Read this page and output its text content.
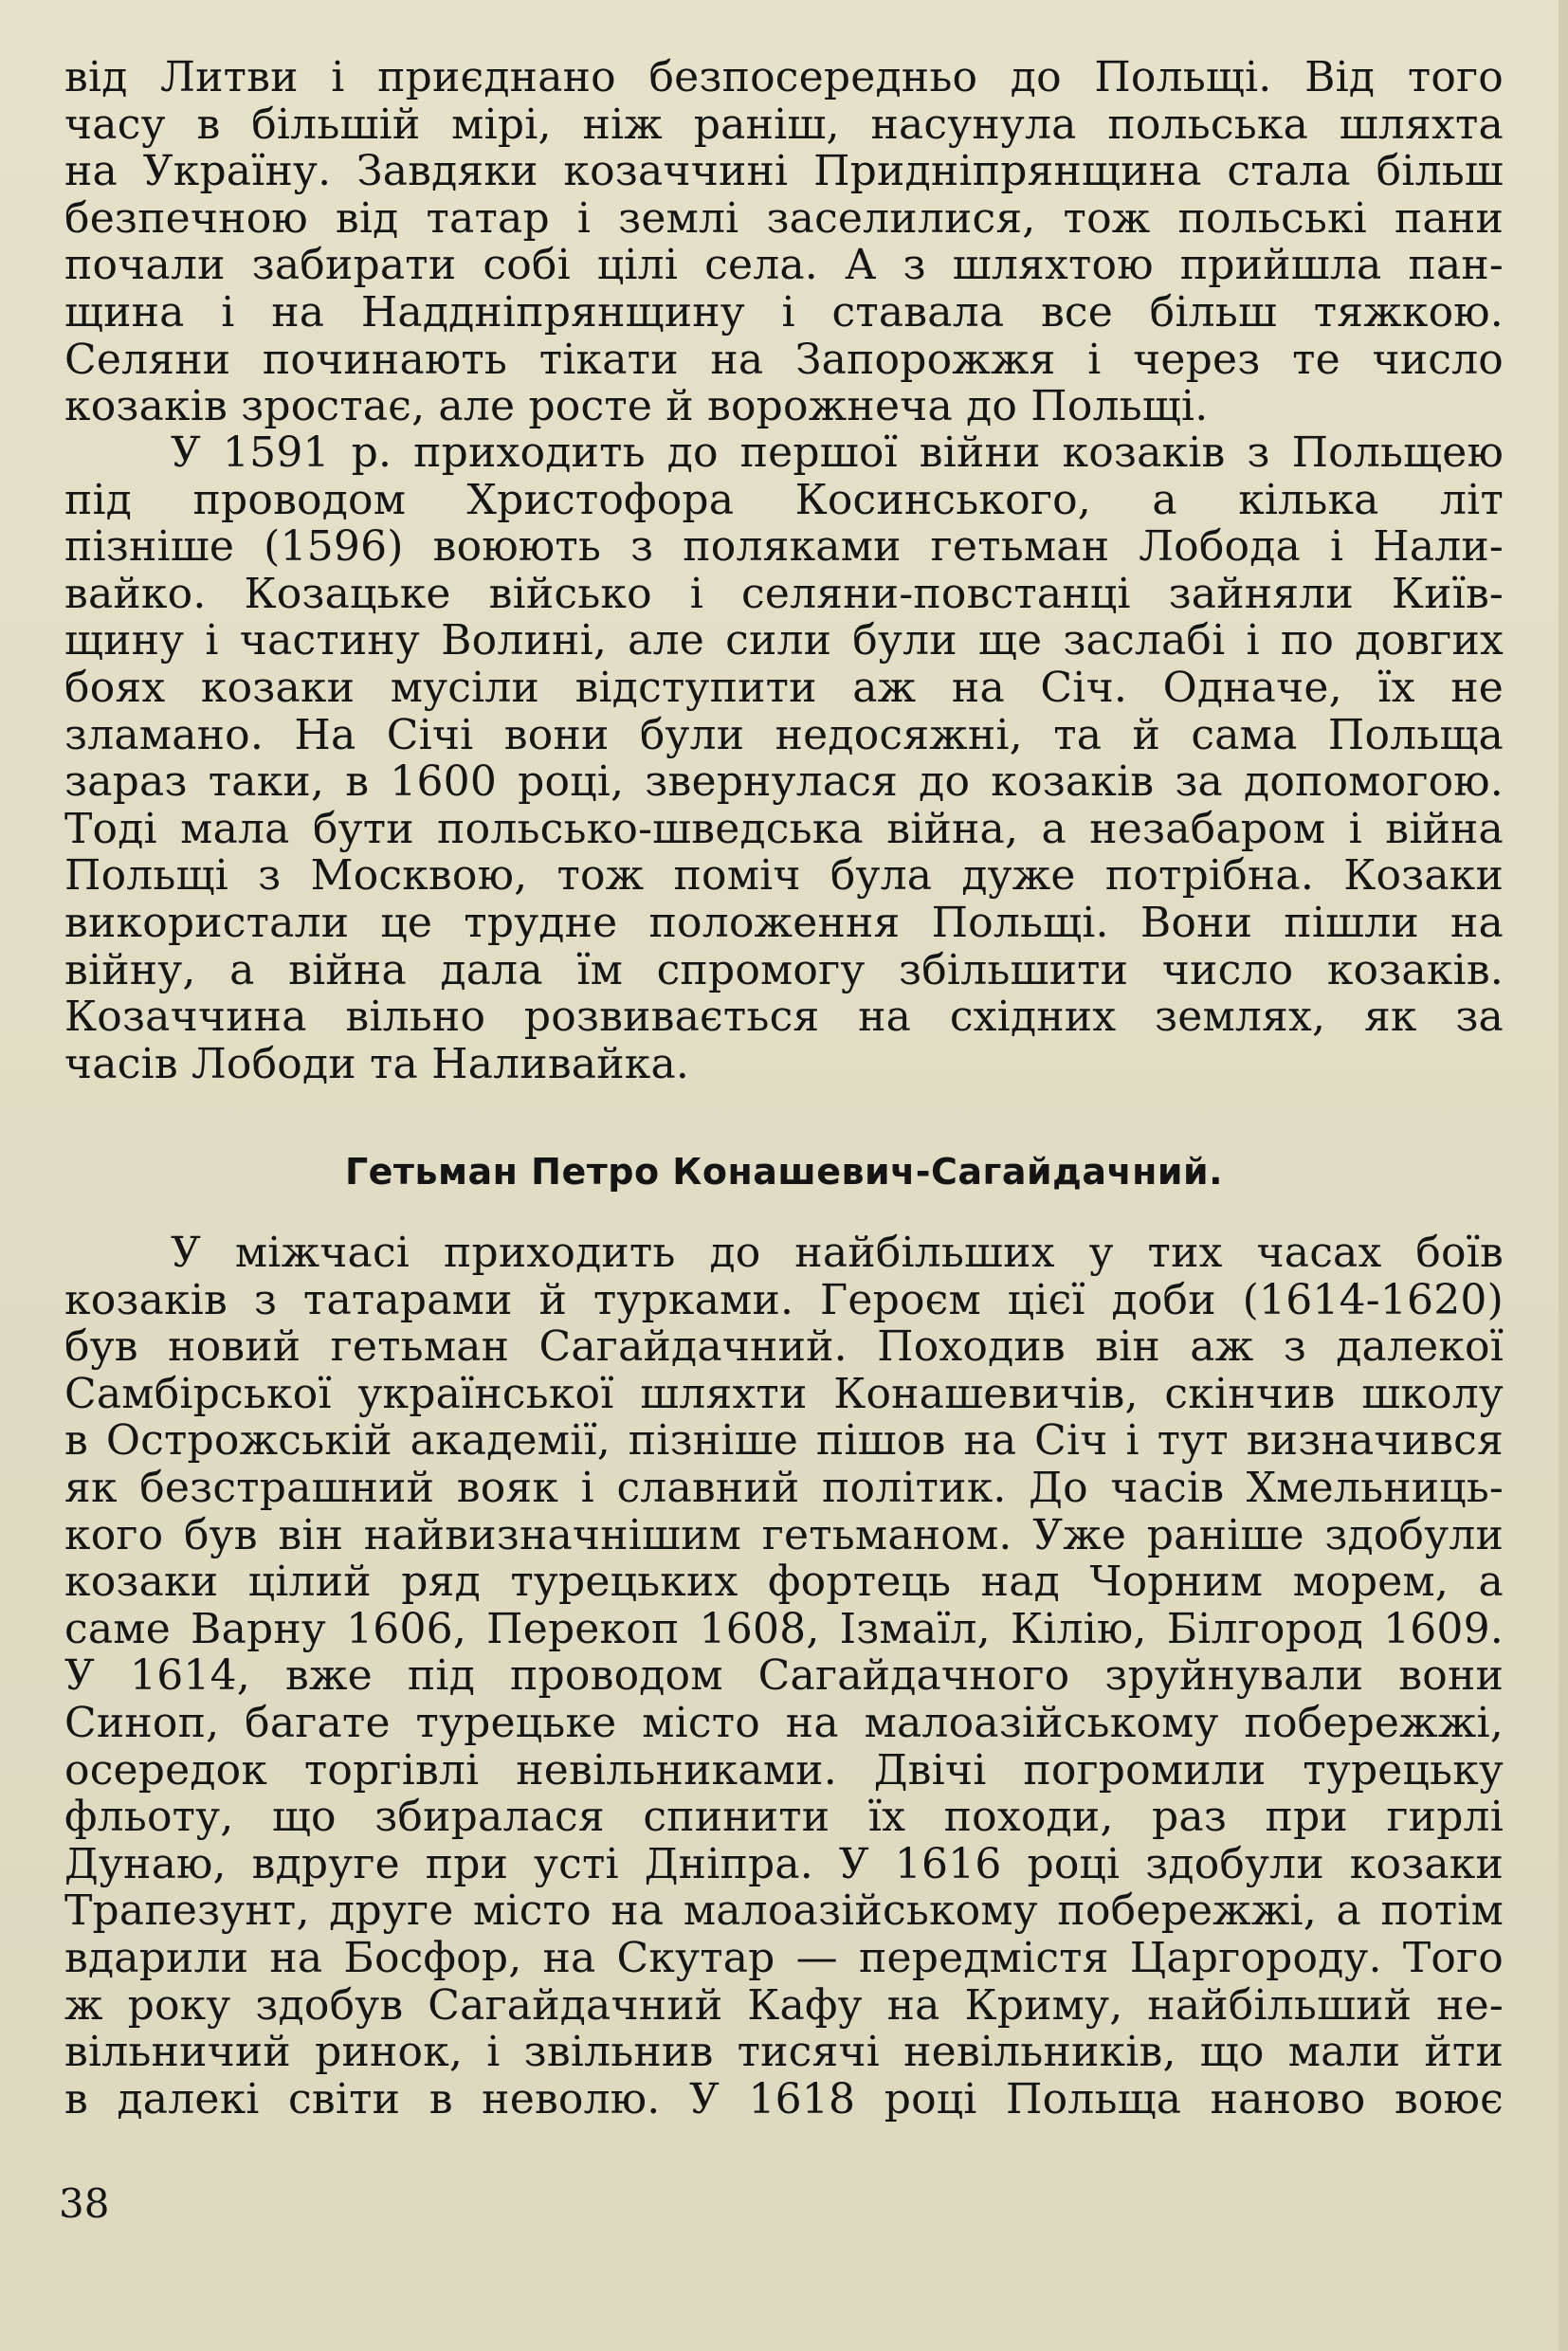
від Литви і приєднано безпосередньо до Польщі. Від того
часу в більшій мірі, ніж раніш, насунула польська шляхта
на Україну. Завдяки козаччині Придніпрянщина стала більш
безпечною від татар і землі заселилися, тож польські пани
почали забирати собі цілі села. А з шляхтою прийшла пан-
щина і на Наддніпрянщину і ставала все більш тяжкою.
Селяни починають тікати на Запорожжя і через те число
козаків зростає, але росте й ворожнеча до Польщі.
У 1591 р. приходить до першої війни козаків з Польщею
під проводом Христофора Косинського, а кілька літ
пізніше (1596) воюють з поляками гетьман Лобода і Нали-
вайко. Козацьке військо і селяни-повстанці зайняли Київ-
щину і частину Волині, але сили були ще заслабі і по довгих
боях козаки мусіли відступити аж на Січ. Одначе, їх не
зламано. На Січі вони були недосяжні, та й сама Польща
зараз таки, в 1600 році, звернулася до козаків за допомогою.
Тоді мала бути польсько-шведська війна, а незабаром і війна
Польщі з Москвою, тож поміч була дуже потрібна. Козаки
використали це трудне положення Польщі. Вони пішли на
війну, а війна дала їм спромогу збільшити число козаків.
Козаччина вільно розвивається на східних землях, як за
часів Лободи та Наливайка.
Гетьман Петро Конашевич-Сагайдачний.
У міжчасі приходить до найбільших у тих часах боїв
козаків з татарами й турками. Героєм цієї доби (1614-1620)
був новий гетьман Сагайдачний. Походив він аж з далекої
Самбірської української шляхти Конашевичів, скінчив школу
в Острожській академії, пізніше пішов на Січ і тут визначився
як безстрашний вояк і славний політик. До часів Хмельниць-
кого був він найвизначнішим гетьманом. Уже раніше здобули
козаки цілий ряд турецьких фортець над Чорним морем, а
саме Варну 1606, Перекоп 1608, Ізмаїл, Кілію, Білгород 1609.
У 1614, вже під проводом Сагайдачного зруйнували вони
Синоп, багате турецьке місто на малоазійському побережжі,
осередок торгівлі невільниками. Двічі погромили турецьку
фльоту, що збиралася спинити їх походи, раз при гирлі
Дунаю, вдруге при усті Дніпра. У 1616 році здобули козаки
Трапезунт, друге місто на малоазійському побережжі, а потім
вдарили на Босфор, на Скутар — передмістя Царгороду. Того
ж року здобув Сагайдачний Кафу на Криму, найбільший не-
вільничий ринок, і звільнив тисячі невільників, що мали йти
в далекі світи в неволю. У 1618 році Польща наново воює
38
